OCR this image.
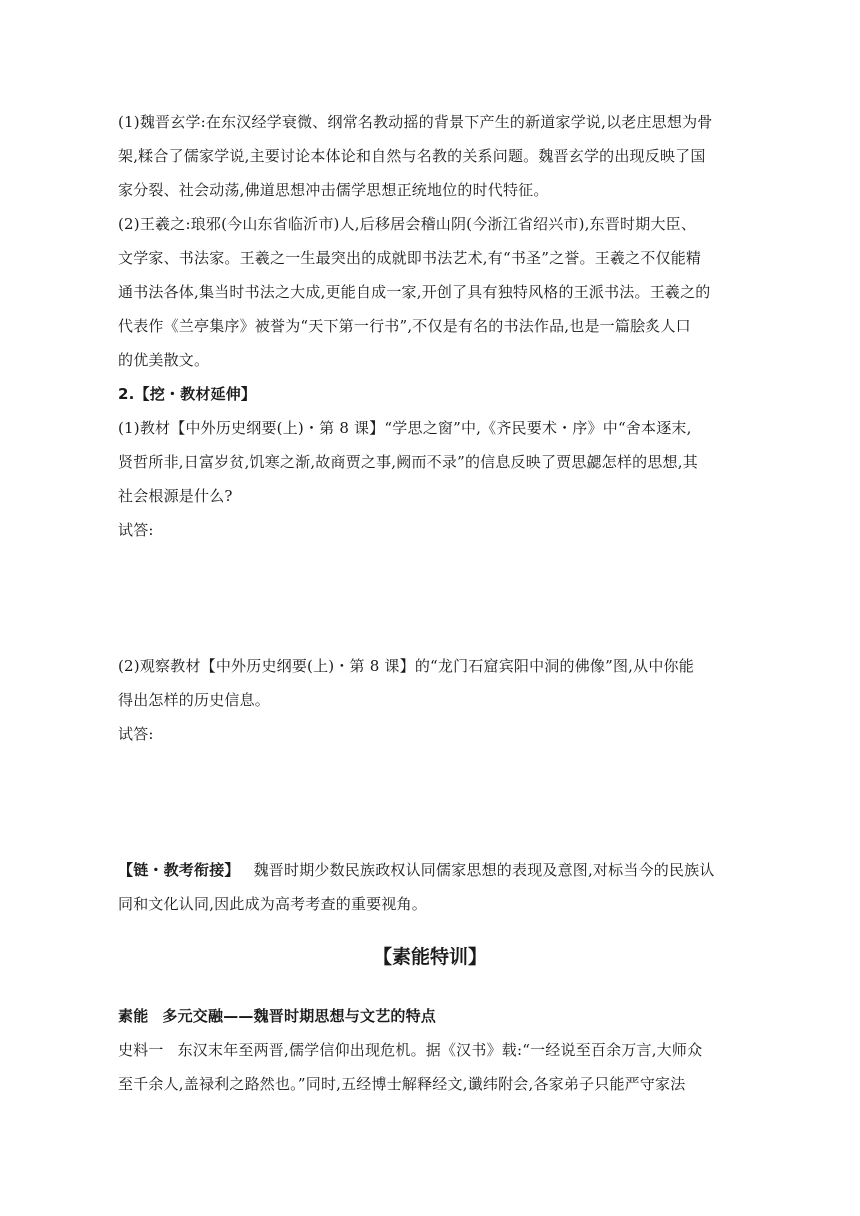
(1)魏晋玄学:在东汉经学衰微、纲常名教动摇的背景下产生的新道家学说,以老庄思想为骨
架,糅合了儒家学说,主要讨论本体论和自然与名教的关系问题。魏晋玄学的出现反映了国
家分裂、社会动荡,佛道思想冲击儒学思想正统地位的时代特征。
(2)王羲之:琅邪(今山东省临沂市)人,后移居会稽山阴(今浙江省绍兴市),东晋时期大臣、
文学家、书法家。王羲之一生最突出的成就即书法艺术,有“书圣”之誉。王羲之不仅能精
通书法各体,集当时书法之大成,更能自成一家,开创了具有独特风格的王派书法。王羲之的
代表作《兰亭集序》被誉为“天下第一行书”,不仅是有名的书法作品,也是一篇脍炙人口
的优美散文。
2.【挖・教材延伸】
(1)教材【中外历史纲要(上)・第 8 课】“学思之窗”中,《齐民要术・序》中“舍本逐末,
贤哲所非,日富岁贫,饥寒之渐,故商贾之事,阙而不录”的信息反映了贾思勰怎样的思想,其
社会根源是什么?
试答:
(2)观察教材【中外历史纲要(上)・第 8 课】的“龙门石窟宾阳中洞的佛像”图,从中你能
得出怎样的历史信息。
试答:
【链・教考衔接】 魏晋时期少数民族政权认同儒家思想的表现及意图,对标当今的民族认
同和文化认同,因此成为高考考查的重要视角。
【素能特训】
素能 多元交融——魏晋时期思想与文艺的特点
史料一 东汉末年至两晋,儒学信仰出现危机。据《汉书》载:“一经说至百余万言,大师众
至千余人,盖禄利之路然也。”同时,五经博士解释经文,谶纬附会,各家弟子只能严守家法
